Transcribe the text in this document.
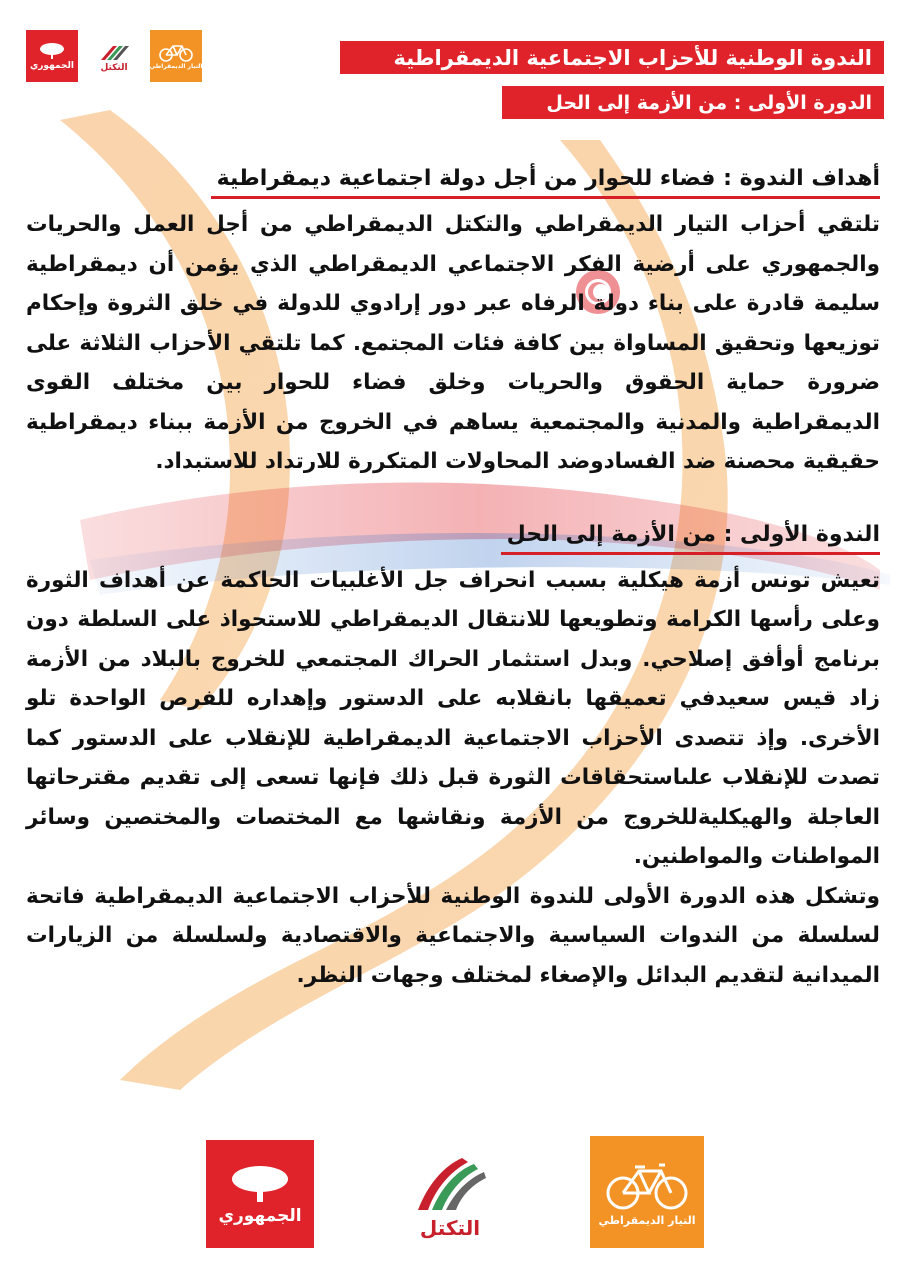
الجمهوري	التكتل	التيار الديمقراطي	الندوة الوطنية للأحزاب الاجتماعية الديمقراطية
الدورة الأولى : من الأزمة إلى الحل
أهداف الندوة : فضاء للحوار من أجل دولة اجتماعية ديمقراطية

تلتقي أحزاب التيار الديمقراطي والتكتل الديمقراطي من أجل العمل والحريات والجمهوري على أرضية الفكر الاجتماعي الديمقراطي الذي يؤمن أن ديمقراطية سليمة قادرة على بناء دولة الرفاه عبر دور إرادوي للدولة في خلق الثروة وإحكام توزيعها وتحقيق المساواة بين كافة فئات المجتمع. كما تلتقي الأحزاب الثلاثة على ضرورة حماية الحقوق والحريات وخلق فضاء للحوار بين مختلف القوى الديمقراطية والمدنية والمجتمعية يساهم في الخروج من الأزمة ببناء ديمقراطية حقيقية محصنة ضد الفسادوضد المحاولات المتكررة للارتداد للاستبداد.

الندوة الأولى : من الأزمة إلى الحل

تعيش تونس أزمة هيكلية بسبب انحراف جل الأغلبيات الحاكمة عن أهداف الثورة وعلى رأسها الكرامة وتطويعها للانتقال الديمقراطي للاستحواذ على السلطة دون برنامج أوأفق إصلاحي. وبدل استثمار الحراك المجتمعي للخروج بالبلاد من الأزمة زاد قيس سعيدفي تعميقها بانقلابه على الدستور وإهداره للفرص الواحدة تلو الأخرى. وإذ تتصدى الأحزاب الاجتماعية الديمقراطية للإنقلاب على الدستور كما تصدت للإنقلاب علىاستحقاقات الثورة قبل ذلك فإنها تسعى إلى تقديم مقترحاتها العاجلة والهيكليةللخروج من الأزمة ونقاشها مع المختصات والمختصين وسائر المواطنات والمواطنين.

وتشكل هذه الدورة الأولى للندوة الوطنية للأحزاب الاجتماعية الديمقراطية فاتحة لسلسلة من الندوات السياسية والاجتماعية والاقتصادية ولسلسلة من الزيارات الميدانية لتقديم البدائل والإصغاء لمختلف وجهات النظر.

الجمهوري
التكتل	التيار الديمقراطي
